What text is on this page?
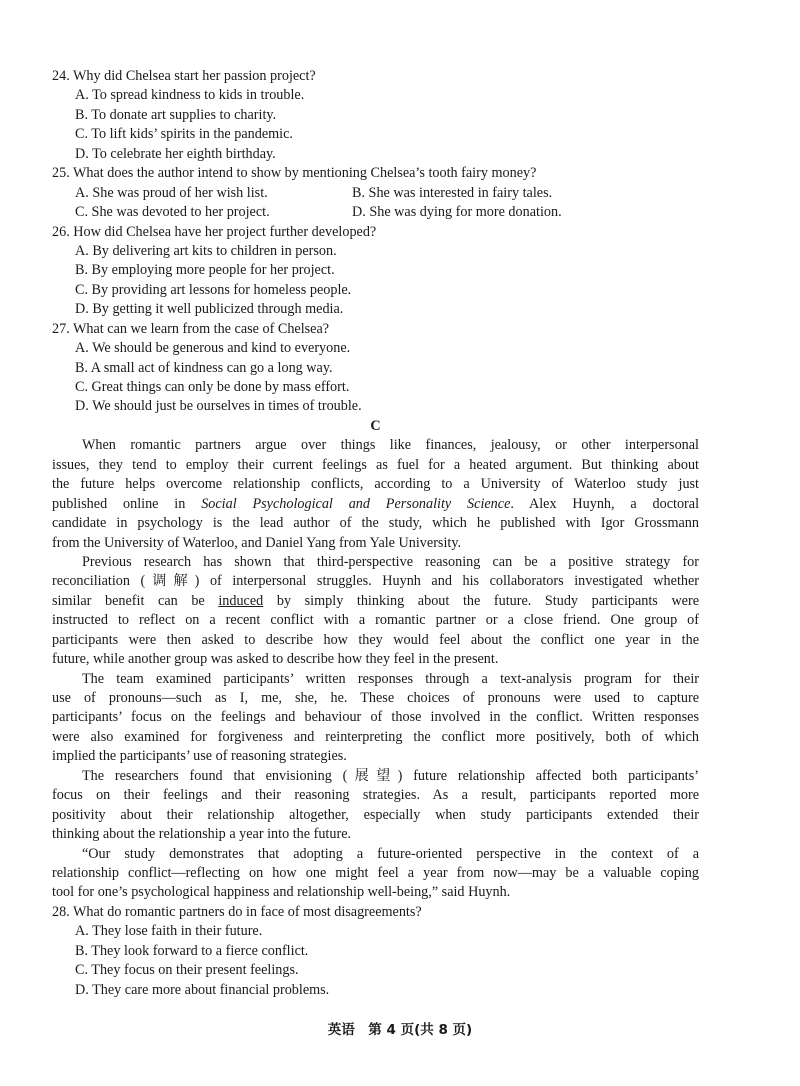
24. Why did Chelsea start her passion project?
A. To spread kindness to kids in trouble.
B. To donate art supplies to charity.
C. To lift kids’ spirits in the pandemic.
D. To celebrate her eighth birthday.
25. What does the author intend to show by mentioning Chelsea’s tooth fairy money?
A. She was proud of her wish list.	B. She was interested in fairy tales.
C. She was devoted to her project.	D. She was dying for more donation.
26. How did Chelsea have her project further developed?
A. By delivering art kits to children in person.
B. By employing more people for her project.
C. By providing art lessons for homeless people.
D. By getting it well publicized through media.
27. What can we learn from the case of Chelsea?
A. We should be generous and kind to everyone.
B. A small act of kindness can go a long way.
C. Great things can only be done by mass effort.
D. We should just be ourselves in times of trouble.
C
When romantic partners argue over things like finances, jealousy, or other interpersonal
issues, they tend to employ their current feelings as fuel for a heated argument. But thinking about
the future helps overcome relationship conflicts, according to a University of Waterloo study just
published online in Social Psychological and Personality Science. Alex Huynh, a doctoral
candidate in psychology is the lead author of the study, which he published with Igor Grossmann
from the University of Waterloo, and Daniel Yang from Yale University.
Previous research has shown that third-perspective reasoning can be a positive strategy for
reconciliation (调解) of interpersonal struggles. Huynh and his collaborators investigated whether
similar benefit can be induced by simply thinking about the future. Study participants were
instructed to reflect on a recent conflict with a romantic partner or a close friend. One group of
participants were then asked to describe how they would feel about the conflict one year in the
future, while another group was asked to describe how they feel in the present.
The team examined participants’ written responses through a text-analysis program for their
use of pronouns—such as I, me, she, he. These choices of pronouns were used to capture
participants’ focus on the feelings and behaviour of those involved in the conflict. Written responses
were also examined for forgiveness and reinterpreting the conflict more positively, both of which
implied the participants’ use of reasoning strategies.
The researchers found that envisioning (展望) future relationship affected both participants’
focus on their feelings and their reasoning strategies. As a result, participants reported more
positivity about their relationship altogether, especially when study participants extended their
thinking about the relationship a year into the future.
“Our study demonstrates that adopting a future-oriented perspective in the context of a
relationship conflict—reflecting on how one might feel a year from now—may be a valuable coping
tool for one’s psychological happiness and relationship well-being,” said Huynh.
28. What do romantic partners do in face of most disagreements?
A. They lose faith in their future.
B. They look forward to a fierce conflict.
C. They focus on their present feelings.
D. They care more about financial problems.
英语　第 4 页(共 8 页)
